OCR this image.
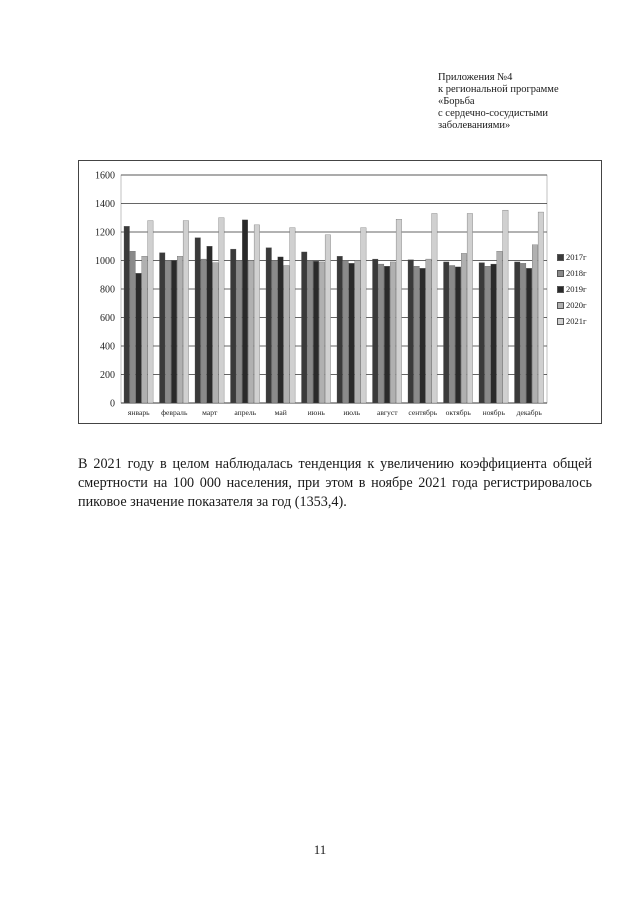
Приложения №4
к региональной программе
«Борьба
с сердечно-сосудистыми
заболеваниями»
0
200
400
600
800
1000
1200
1400
1600
январь февраль март апрель май	июнь июль август сентябрь октябрь ноябрь декабрь
2017г
2018г
2019г
2020г
2021г
В 2021 году в целом наблюдалась тенденция к увеличению коэффициента общей смертности на 100 000 населения, при этом в ноябре 2021 года регистрировалось пиковое значение показателя за год (1353,4).
11
